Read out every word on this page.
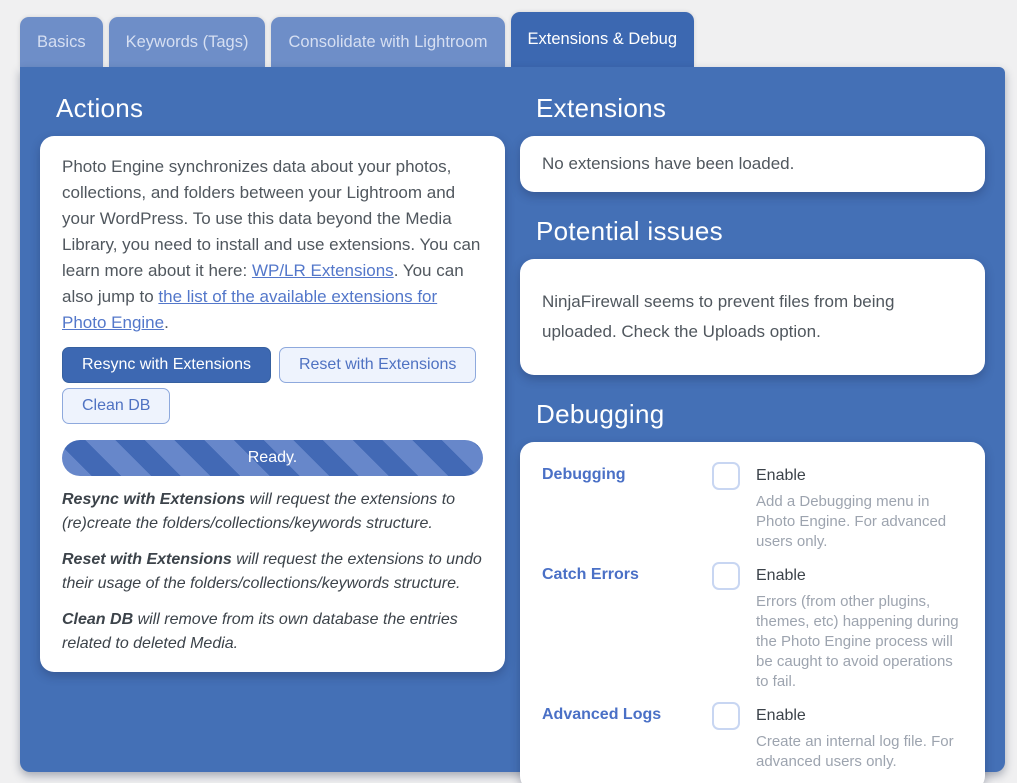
Basics	Keywords (Tags)	Consolidate with Lightroom	Extensions & Debug
Actions

Photo Engine synchronizes data about your photos, collections, and folders between your Lightroom and your WordPress. To use this data beyond the Media Library, you need to install and use extensions. You can learn more about it here: WP/LR Extensions. You can also jump to the list of the available extensions for Photo Engine.

Resync with Extensions	Reset with Extensions
Clean DB
Ready.

Resync with Extensions will request the extensions to (re)create the folders/collections/keywords structure.

Reset with Extensions will request the extensions to undo their usage of the folders/collections/keywords structure.

Clean DB will remove from its own database the entries related to deleted Media.

Extensions
No extensions have been loaded.
Potential issues
NinjaFirewall seems to prevent files from being uploaded. Check the Uploads option.
Debugging
Debugging	Enable
Add a Debugging menu in Photo Engine. For advanced users only.
Catch Errors	Enable
Errors (from other plugins, themes, etc) happening during the Photo Engine process will be caught to avoid operations to fail.
Advanced Logs	Enable
Create an internal log file. For advanced users only.
